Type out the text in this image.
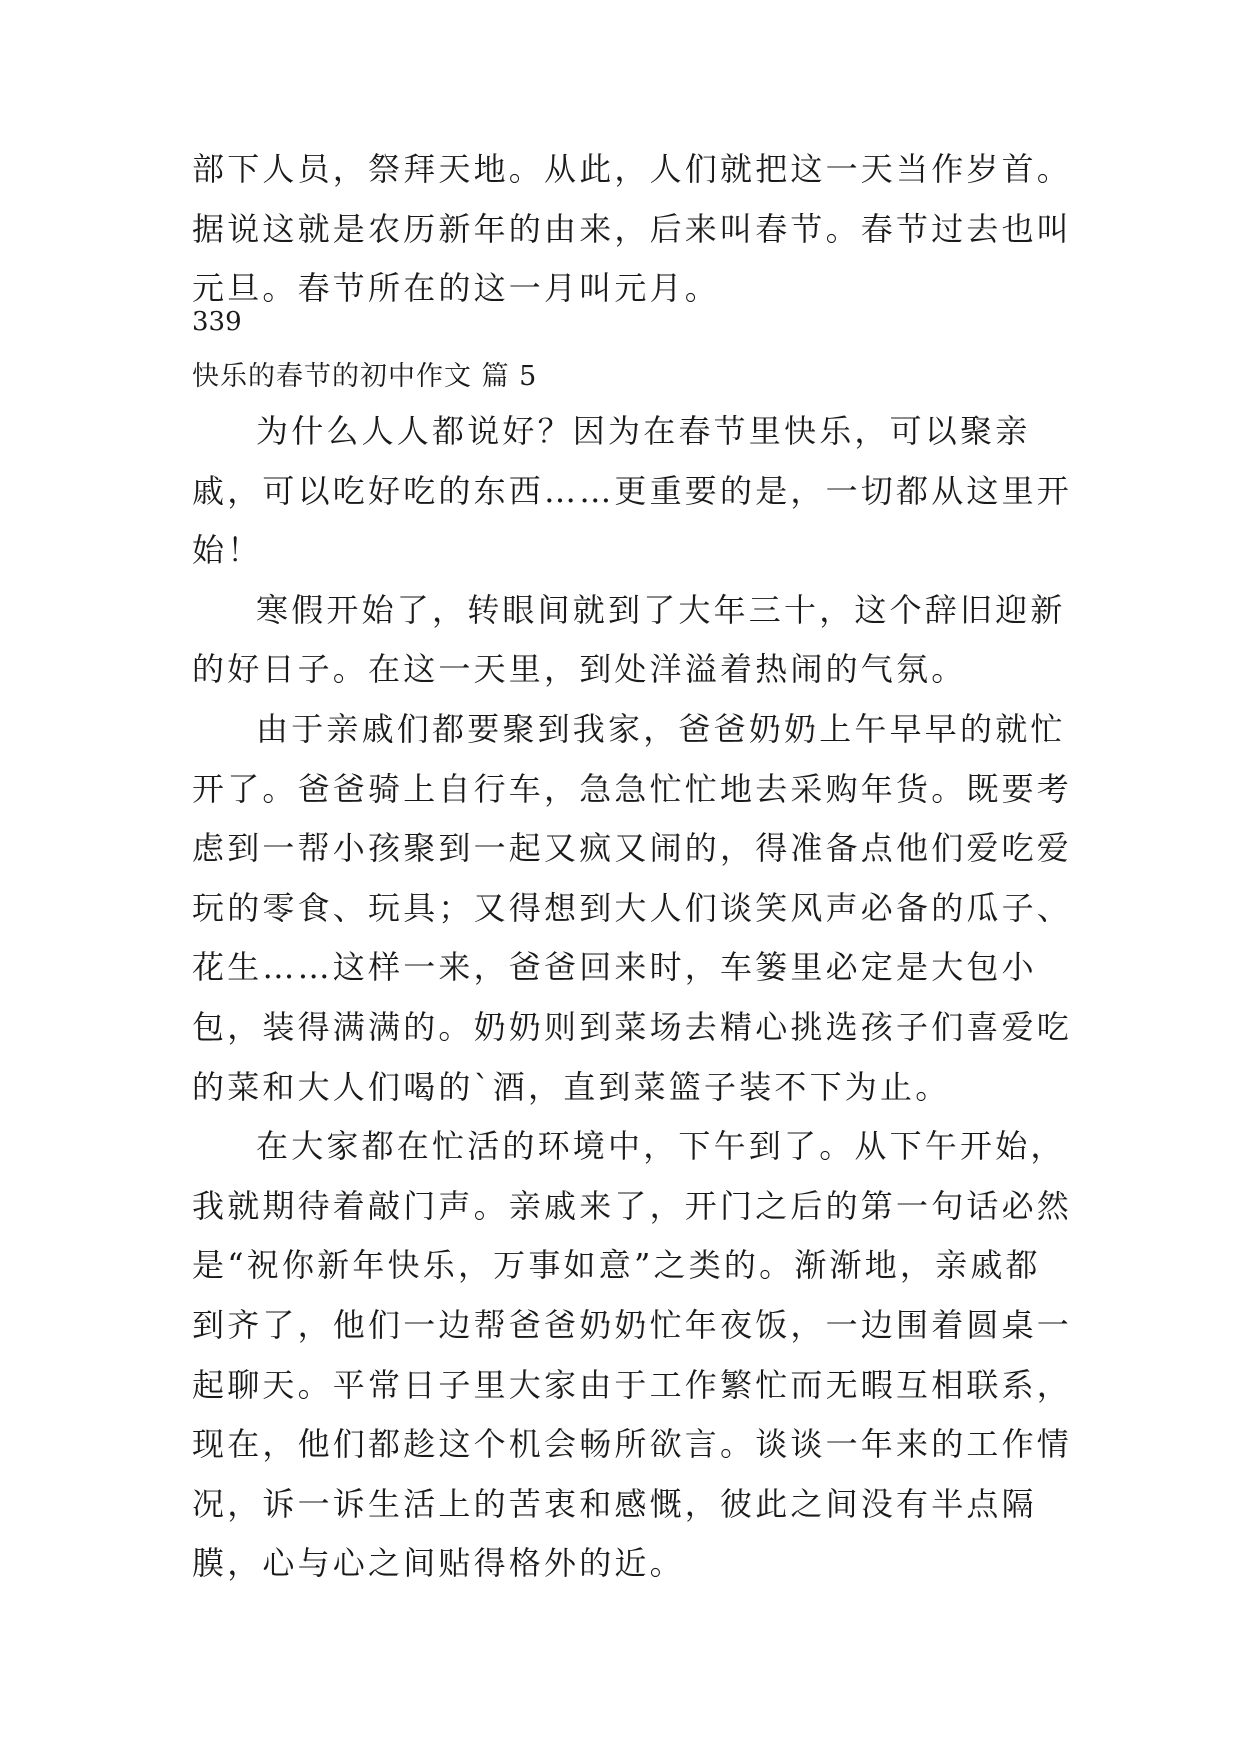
部下人员，祭拜天地。从此，人们就把这一天当作岁首。据说这就是农历新年的由来，后来叫春节。春节过去也叫元旦。春节所在的这一月叫元月。

339

快乐的春节的初中作文 篇 5

为什么人人都说好？因为在春节里快乐，可以聚亲戚，可以吃好吃的东西……更重要的是，一切都从这里开始！

寒假开始了，转眼间就到了大年三十，这个辞旧迎新的好日子。在这一天里，到处洋溢着热闹的气氛。

由于亲戚们都要聚到我家，爸爸奶奶上午早早的就忙开了。爸爸骑上自行车，急急忙忙地去采购年货。既要考虑到一帮小孩聚到一起又疯又闹的，得准备点他们爱吃爱玩的零食、玩具；又得想到大人们谈笑风声必备的瓜子、花生……这样一来，爸爸回来时，车篓里必定是大包小包，装得满满的。奶奶则到菜场去精心挑选孩子们喜爱吃的菜和大人们喝的`酒，直到菜篮子装不下为止。

在大家都在忙活的环境中，下午到了。从下午开始，我就期待着敲门声。亲戚来了，开门之后的第一句话必然是“祝你新年快乐，万事如意”之类的。渐渐地，亲戚都到齐了，他们一边帮爸爸奶奶忙年夜饭，一边围着圆桌一起聊天。平常日子里大家由于工作繁忙而无暇互相联系，现在，他们都趁这个机会畅所欲言。谈谈一年来的工作情况，诉一诉生活上的苦衷和感慨，彼此之间没有半点隔膜，心与心之间贴得格外的近。
